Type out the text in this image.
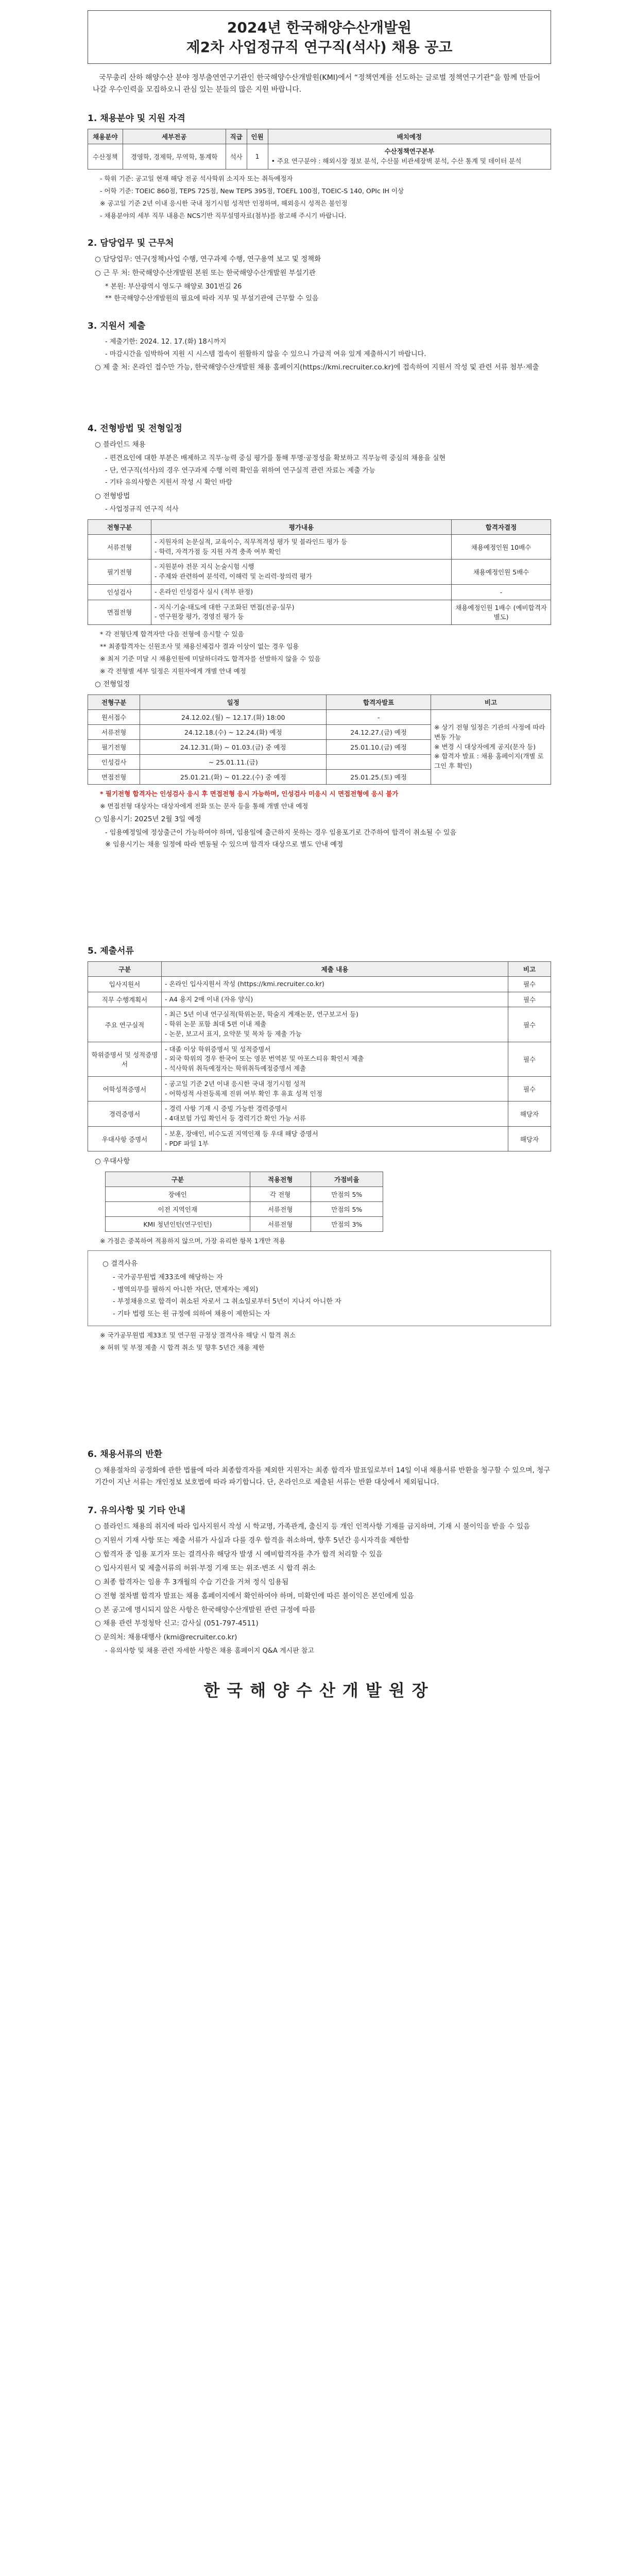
2024년 한국해양수산개발원
제2차 사업정규직 연구직(석사) 채용 공고

국무총리 산하 해양수산 분야 정부출연연구기관인 한국해양수산개발원(KMI)에서 “정책연계를 선도하는 글로벌 정책연구기관”을 함께 만들어 나갈 우수인력을 모집하오니 관심 있는 분들의 많은 지원 바랍니다.

1. 채용분야 및 지원 자격
채용분야	세부전공	직급	인원	배치예정
수산정책	경영학, 경제학, 무역학, 통계학	석사	1	수산정책연구본부
• 주요 연구분야 : 해외시장 정보 분석, 수산물 비관세장벽 분석, 수산 통계 및 데이터 분석

- 학위 기준: 공고일 현재 해당 전공 석사학위 소지자 또는 취득예정자

- 어학 기준: TOEIC 860점, TEPS 725점, New TEPS 395점, TOEFL 100점, TOEIC-S 140, OPIc IH 이상

※ 공고일 기준 2년 이내 응시한 국내 정기시험 성적만 인정하며, 해외응시 성적은 불인정

- 채용분야의 세부 직무 내용은 NCS기반 직무설명자료(첨부)를 참고해 주시기 바랍니다.

2. 담당업무 및 근무처

○ 담당업무: 연구(정책)사업 수행, 연구과제 수행, 연구용역 보고 및 정책화

○ 근 무 처: 한국해양수산개발원 본원 또는 한국해양수산개발원 부설기관

* 본원: 부산광역시 영도구 해양로 301번길 26

** 한국해양수산개발원의 필요에 따라 지부 및 부설기관에 근무할 수 있음

3. 지원서 제출

- 제출기한: 2024. 12. 17.(화) 18시까지

- 마감시간을 임박하여 지원 시 시스템 접속이 원활하지 않을 수 있으니 가급적 여유 있게 제출하시기 바랍니다.

○ 제 출 처: 온라인 접수만 가능, 한국해양수산개발원 채용 홈페이지(https://kmi.recruiter.co.kr)에 접속하여 지원서 작성 및 관련 서류 첨부·제출

4. 전형방법 및 전형일정

○ 블라인드 채용

- 편견요인에 대한 부분은 배제하고 직무·능력 중심 평가를 통해 투명·공정성을 확보하고 직무능력 중심의 채용을 실현

- 단, 연구직(석사)의 경우 연구과제 수행 이력 확인을 위하여 연구실적 관련 자료는 제출 가능

- 기타 유의사항은 지원서 작성 시 확인 바람

○ 전형방법

- 사업정규직 연구직 석사

전형구분	평가내용	합격자결정
서류전형	- 지원자의 논문실적, 교육이수, 직무적격성 평가 및 블라인드 평가 등
- 학력, 자격가점 등 지원 자격 충족 여부 확인	채용예정인원 10배수
필기전형	- 지원분야 전문 지식 논술시험 시행
- 주제와 관련하여 분석력, 이해력 및 논리력·창의력 평가	채용예정인원 5배수
인성검사	- 온라인 인성검사 실시 (적부 판정)	-
면접전형	- 지식·기술·태도에 대한 구조화된 면접(전공·실무)
- 연구원장 평가, 경영진 평가 등	채용예정인원 1배수 (예비합격자 별도)

* 각 전형단계 합격자만 다음 전형에 응시할 수 있음

** 최종합격자는 신원조사 및 채용신체검사 결과 이상이 없는 경우 임용

※ 최저 기준 미달 시 채용인원에 미달하더라도 합격자를 선발하지 않을 수 있음

※ 각 전형별 세부 일정은 지원자에게 개별 안내 예정

○ 전형일정

전형구분	일정	합격자발표	비고
원서접수	24.12.02.(월) ~ 12.17.(화) 18:00	-	※ 상기 전형 일정은 기관의 사정에 따라 변동 가능
※ 변경 시 대상자에게 공지(문자 등)
※ 합격자 발표 : 채용 홈페이지(개별 로그인 후 확인)
서류전형	24.12.18.(수) ~ 12.24.(화) 예정	24.12.27.(금) 예정	
필기전형	24.12.31.(화) ~ 01.03.(금) 중 예정	25.01.10.(금) 예정	
인성검사	~ 25.01.11.(금)		
면접전형	25.01.21.(화) ~ 01.22.(수) 중 예정	25.01.25.(토) 예정	

* 필기전형 합격자는 인성검사 응시 후 면접전형 응시 가능하며, 인성검사 미응시 시 면접전형에 응시 불가

※ 면접전형 대상자는 대상자에게 전화 또는 문자 등을 통해 개별 안내 예정

○ 임용시기: 2025년 2월 3일 예정

- 임용예정일에 정상출근이 가능하여야 하며, 임용일에 출근하지 못하는 경우 임용포기로 간주하여 합격이 취소될 수 있음

※ 임용시기는 채용 일정에 따라 변동될 수 있으며 합격자 대상으로 별도 안내 예정

5. 제출서류
구분	제출 내용	비고
입사지원서	- 온라인 입사지원서 작성 (https://kmi.recruiter.co.kr)	필수
직무 수행계획서	- A4 용지 2매 이내 (자유 양식)	필수
주요 연구실적	- 최근 5년 이내 연구실적(학위논문, 학술지 게재논문, 연구보고서 등)
- 학위 논문 포함 최대 5편 이내 제출
- 논문, 보고서 표지, 요약문 및 목차 등 제출 가능	필수
학위증명서 및 성적증명서	- 대졸 이상 학위증명서 및 성적증명서
- 외국 학위의 경우 한국어 또는 영문 번역본 및 아포스티유 확인서 제출
- 석사학위 취득예정자는 학위취득예정증명서 제출	필수
어학성적증명서	- 공고일 기준 2년 이내 응시한 국내 정기시험 성적
- 어학성적 사전등록제 진위 여부 확인 후 유효 성적 인정	필수
경력증명서	- 경력 사항 기재 시 증빙 가능한 경력증명서
- 4대보험 가입 확인서 등 경력기간 확인 가능 서류	해당자
우대사항 증명서	- 보훈, 장애인, 비수도권 지역인재 등 우대 해당 증명서
- PDF 파일 1부	해당자

○ 우대사항

구분	적용전형	가점비율
장애인	각 전형	만점의 5%
이전 지역인재	서류전형	만점의 5%
KMI 청년인턴(연구인턴)	서류전형	만점의 3%

※ 가점은 중복하여 적용하지 않으며, 가장 유리한 항목 1개만 적용

○ 결격사유

- 국가공무원법 제33조에 해당하는 자

- 병역의무를 필하지 아니한 자(단, 면제자는 제외)

- 부정채용으로 합격이 취소된 자로서 그 취소일로부터 5년이 지나지 아니한 자

- 기타 법령 또는 원 규정에 의하여 채용이 제한되는 자

※ 국가공무원법 제33조 및 연구원 규정상 결격사유 해당 시 합격 취소

※ 허위 및 부정 제출 시 합격 취소 및 향후 5년간 채용 제한

6. 채용서류의 반환

○ 채용절차의 공정화에 관한 법률에 따라 최종합격자를 제외한 지원자는 최종 합격자 발표일로부터 14일 이내 채용서류 반환을 청구할 수 있으며, 청구 기간이 지난 서류는 개인정보 보호법에 따라 파기합니다. 단, 온라인으로 제출된 서류는 반환 대상에서 제외됩니다.

7. 유의사항 및 기타 안내

○ 블라인드 채용의 취지에 따라 입사지원서 작성 시 학교명, 가족관계, 출신지 등 개인 인적사항 기재를 금지하며, 기재 시 불이익을 받을 수 있음

○ 지원서 기재 사항 또는 제출 서류가 사실과 다를 경우 합격을 취소하며, 향후 5년간 응시자격을 제한함

○ 합격자 중 임용 포기자 또는 결격사유 해당자 발생 시 예비합격자를 추가 합격 처리할 수 있음

○ 입사지원서 및 제출서류의 허위·부정 기재 또는 위조·변조 시 합격 취소

○ 최종 합격자는 임용 후 3개월의 수습 기간을 거쳐 정식 임용됨

○ 전형 절차별 합격자 발표는 채용 홈페이지에서 확인하여야 하며, 미확인에 따른 불이익은 본인에게 있음

○ 본 공고에 명시되지 않은 사항은 한국해양수산개발원 관련 규정에 따름

○ 채용 관련 부정청탁 신고: 감사실 (051-797-4511)

○ 문의처: 채용대행사 (kmi@recruiter.co.kr)

- 유의사항 및 채용 관련 자세한 사항은 채용 홈페이지 Q&A 게시판 참고

한국해양수산개발원장
